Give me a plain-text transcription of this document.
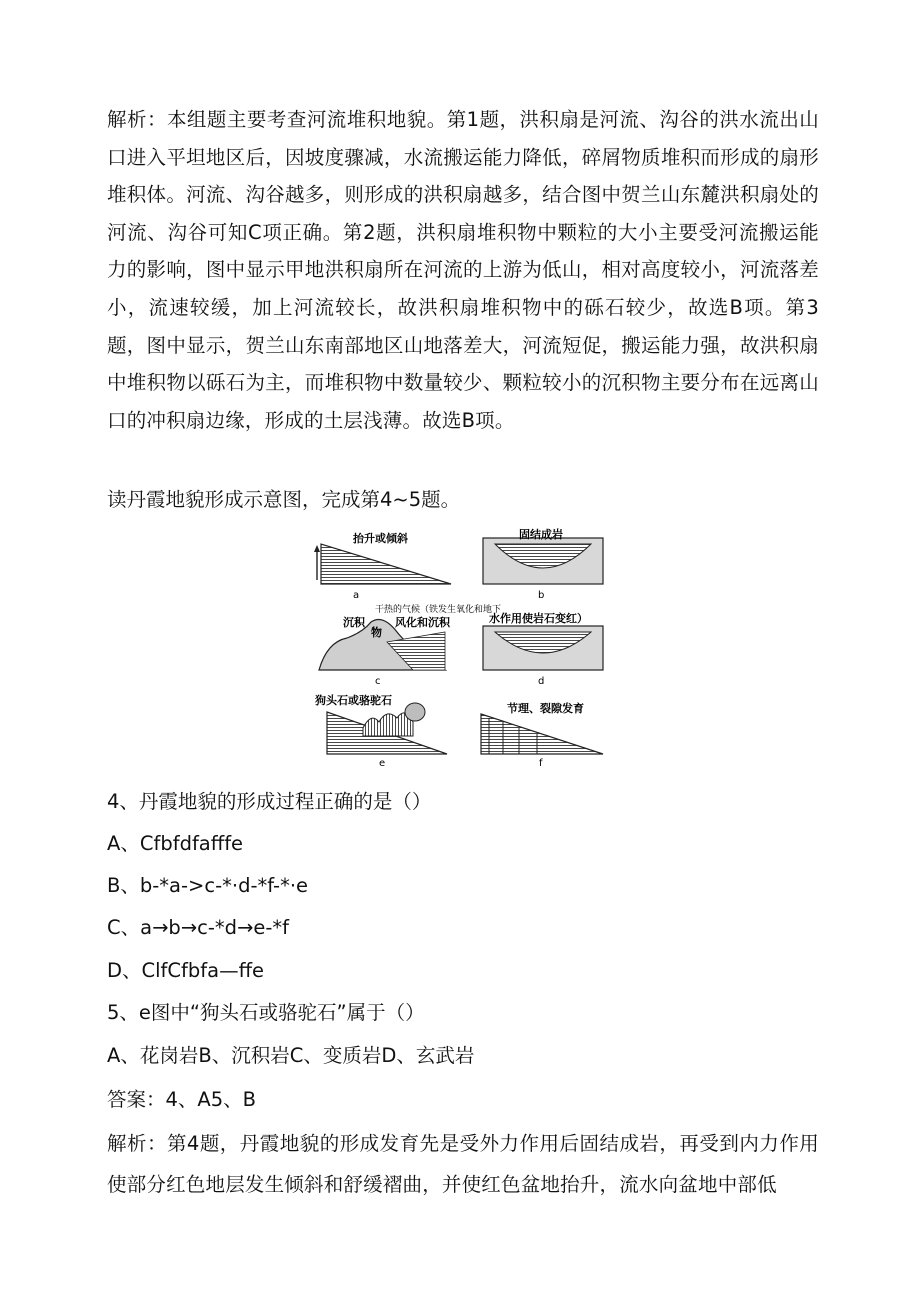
解析：本组题主要考查河流堆积地貌。第1题，洪积扇是河流、沟谷的洪水流出山口进入平坦地区后，因坡度骤减，水流搬运能力降低，碎屑物质堆积而形成的扇形堆积体。河流、沟谷越多，则形成的洪积扇越多，结合图中贺兰山东麓洪积扇处的河流、沟谷可知C项正确。第2题，洪积扇堆积物中颗粒的大小主要受河流搬运能力的影响，图中显示甲地洪积扇所在河流的上游为低山，相对高度较小，河流落差小，流速较缓，加上河流较长，故洪积扇堆积物中的砾石较少，故选B项。第3题，图中显示，贺兰山东南部地区山地落差大，河流短促，搬运能力强，故洪积扇中堆积物以砾石为主，而堆积物中数量较少、颗粒较小的沉积物主要分布在远离山口的冲积扇边缘，形成的土层浅薄。故选B项。
读丹霞地貌形成示意图，完成第4~5题。
抬升或倾斜
a
固结成岩
b
干热的气候（铁发生氧化和地下
沉积
物
风化和沉积
c
水作用使岩石变红）
d
狗头石或骆驼石
e
节理、裂隙发育
f
4、丹霞地貌的形成过程正确的是（）
A、Cfbfdfafffe
B、b-*a->c-*·d-*f-*·e
C、a→b→c-*d→e-*f
D、ClfCfbfa—ffe
5、e图中“狗头石或骆驼石”属于（）
A、花岗岩B、沉积岩C、变质岩D、玄武岩
答案：4、A5、B
解析：第4题，丹霞地貌的形成发育先是受外力作用后固结成岩，再受到内力作用使部分红色地层发生倾斜和舒缓褶曲，并使红色盆地抬升，流水向盆地中部低
